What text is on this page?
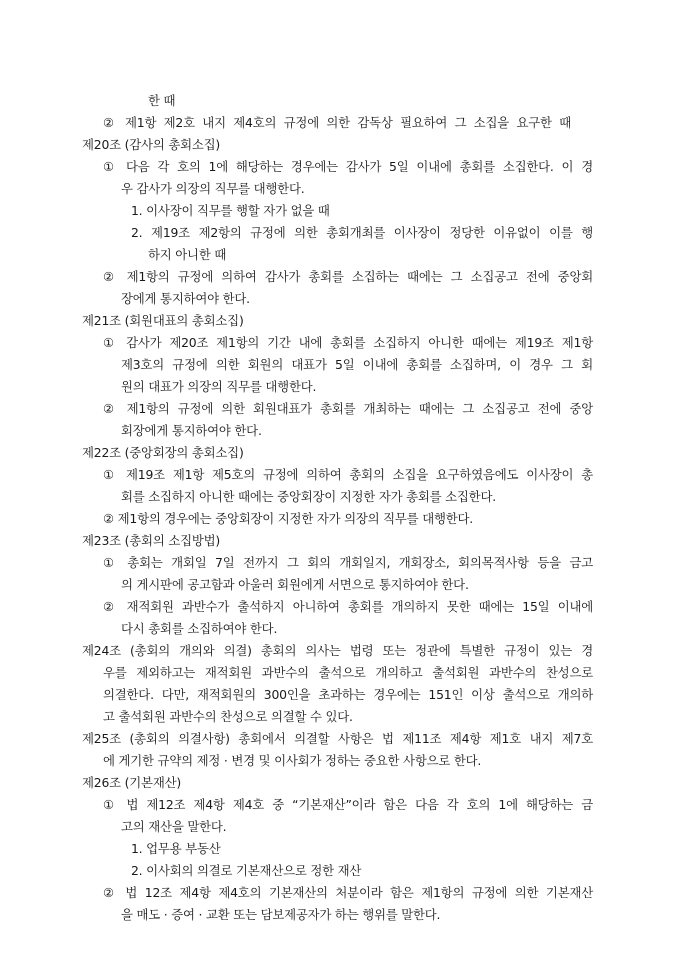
한 때
② 제1항 제2호 내지 제4호의 규정에 의한 감독상 필요하여 그 소집을 요구한 때
제20조 (감사의 총회소집)
① 다음 각 호의 1에 해당하는 경우에는 감사가 5일 이내에 총회를 소집한다. 이 경
우 감사가 의장의 직무를 대행한다.
1. 이사장이 직무를 행할 자가 없을 때
2. 제19조 제2항의 규정에 의한 총회개최를 이사장이 정당한 이유없이 이를 행
하지 아니한 때
② 제1항의 규정에 의하여 감사가 총회를 소집하는 때에는 그 소집공고 전에 중앙회
장에게 통지하여야 한다.
제21조 (회원대표의 총회소집)
① 감사가 제20조 제1항의 기간 내에 총회를 소집하지 아니한 때에는 제19조 제1항
제3호의 규정에 의한 회원의 대표가 5일 이내에 총회를 소집하며, 이 경우 그 회
원의 대표가 의장의 직무를 대행한다.
② 제1항의 규정에 의한 회원대표가 총회를 개최하는 때에는 그 소집공고 전에 중앙
회장에게 통지하여야 한다.
제22조 (중앙회장의 총회소집)
① 제19조 제1항 제5호의 규정에 의하여 총회의 소집을 요구하였음에도 이사장이 총
회를 소집하지 아니한 때에는 중앙회장이 지정한 자가 총회를 소집한다.
② 제1항의 경우에는 중앙회장이 지정한 자가 의장의 직무를 대행한다.
제23조 (총회의 소집방법)
① 총회는 개회일 7일 전까지 그 회의 개회일지, 개회장소, 회의목적사항 등을 금고
의 게시판에 공고함과 아울러 회원에게 서면으로 통지하여야 한다.
② 재적회원 과반수가 출석하지 아니하여 총회를 개의하지 못한 때에는 15일 이내에
다시 총회를 소집하여야 한다.
제24조 (총회의 개의와 의결) 총회의 의사는 법령 또는 정관에 특별한 규정이 있는 경
우를 제외하고는 재적회원 과반수의 출석으로 개의하고 출석회원 과반수의 찬성으로
의결한다. 다만, 재적회원의 300인을 초과하는 경우에는 151인 이상 출석으로 개의하
고 출석회원 과반수의 찬성으로 의결할 수 있다.
제25조 (총회의 의결사항) 총회에서 의결할 사항은 법 제11조 제4항 제1호 내지 제7호
에 게기한 규약의 제정 · 변경 및 이사회가 정하는 중요한 사항으로 한다.
제26조 (기본재산)
① 법 제12조 제4항 제4호 중 “기본재산”이라 함은 다음 각 호의 1에 해당하는 금
고의 재산을 말한다.
1. 업무용 부동산
2. 이사회의 의결로 기본재산으로 정한 재산
② 법 12조 제4항 제4호의 기본재산의 처분이라 함은 제1항의 규정에 의한 기본재산
을 매도 · 증여 · 교환 또는 담보제공자가 하는 행위를 말한다.
